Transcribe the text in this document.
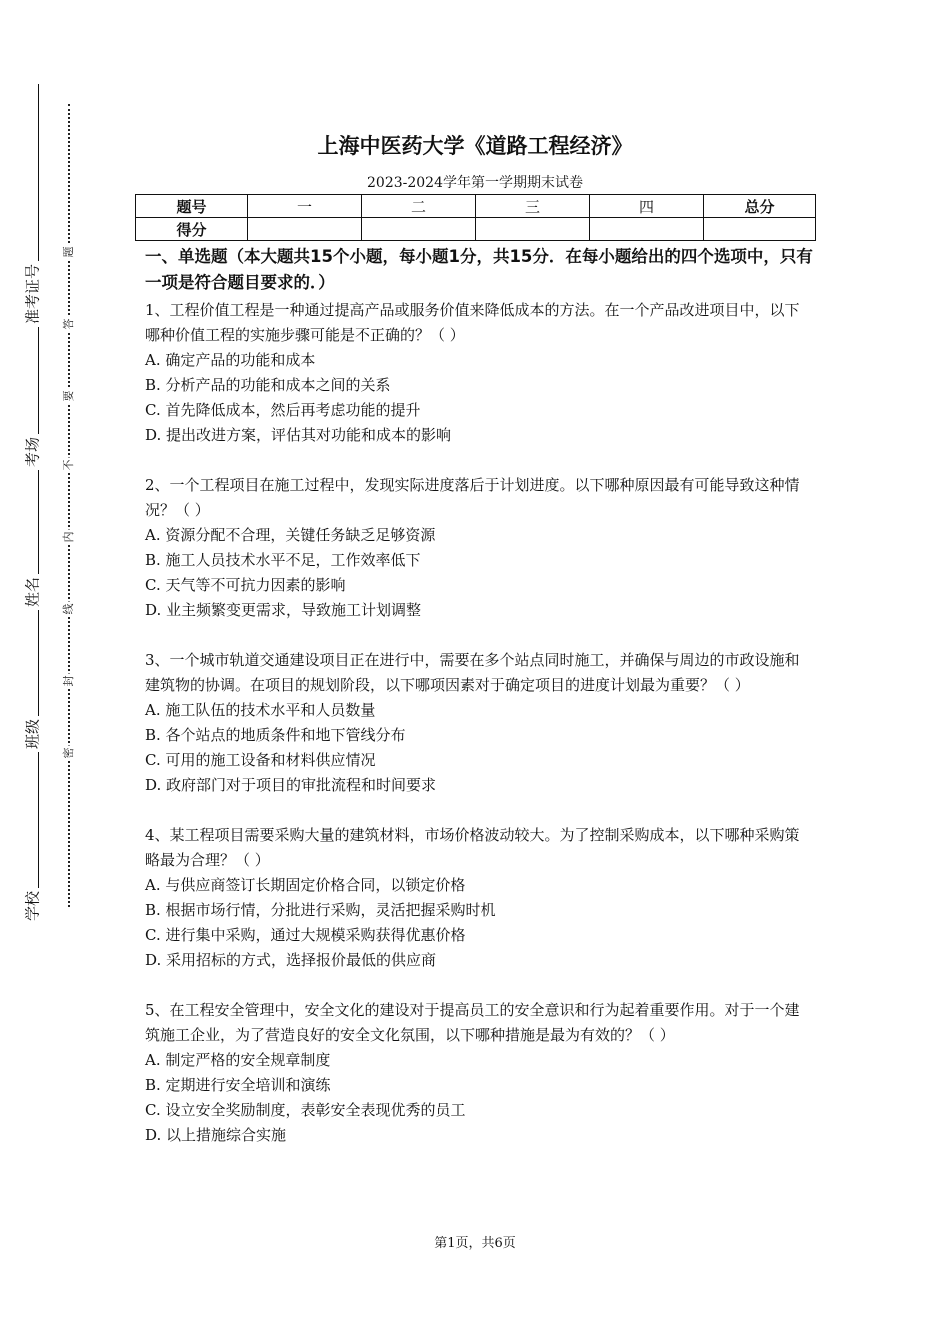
准考证号
考场
姓名
班级
学校
题
答
要
不
内
线
封
密
上海中医药大学《道路工程经济》
2023-2024学年第一学期期末试卷
题号	一	二	三	四	总分
得分					
一、单选题（本大题共15个小题，每小题1分，共15分．在每小题给出的四个选项中，只有一项是符合题目要求的．）
1、工程价值工程是一种通过提高产品或服务价值来降低成本的方法。在一个产品改进项目中，以下哪种价值工程的实施步骤可能是不正确的？（ ）
A. 确定产品的功能和成本
B. 分析产品的功能和成本之间的关系
C. 首先降低成本，然后再考虑功能的提升
D. 提出改进方案，评估其对功能和成本的影响
2、一个工程项目在施工过程中，发现实际进度落后于计划进度。以下哪种原因最有可能导致这种情况？（ ）
A. 资源分配不合理，关键任务缺乏足够资源
B. 施工人员技术水平不足，工作效率低下
C. 天气等不可抗力因素的影响
D. 业主频繁变更需求，导致施工计划调整
3、一个城市轨道交通建设项目正在进行中，需要在多个站点同时施工，并确保与周边的市政设施和建筑物的协调。在项目的规划阶段，以下哪项因素对于确定项目的进度计划最为重要？（ ）
A. 施工队伍的技术水平和人员数量
B. 各个站点的地质条件和地下管线分布
C. 可用的施工设备和材料供应情况
D. 政府部门对于项目的审批流程和时间要求
4、某工程项目需要采购大量的建筑材料，市场价格波动较大。为了控制采购成本，以下哪种采购策略最为合理？（ ）
A. 与供应商签订长期固定价格合同，以锁定价格
B. 根据市场行情，分批进行采购，灵活把握采购时机
C. 进行集中采购，通过大规模采购获得优惠价格
D. 采用招标的方式，选择报价最低的供应商
5、在工程安全管理中，安全文化的建设对于提高员工的安全意识和行为起着重要作用。对于一个建筑施工企业，为了营造良好的安全文化氛围，以下哪种措施是最为有效的？（ ）
A. 制定严格的安全规章制度
B. 定期进行安全培训和演练
C. 设立安全奖励制度，表彰安全表现优秀的员工
D. 以上措施综合实施
第1页，共6页
